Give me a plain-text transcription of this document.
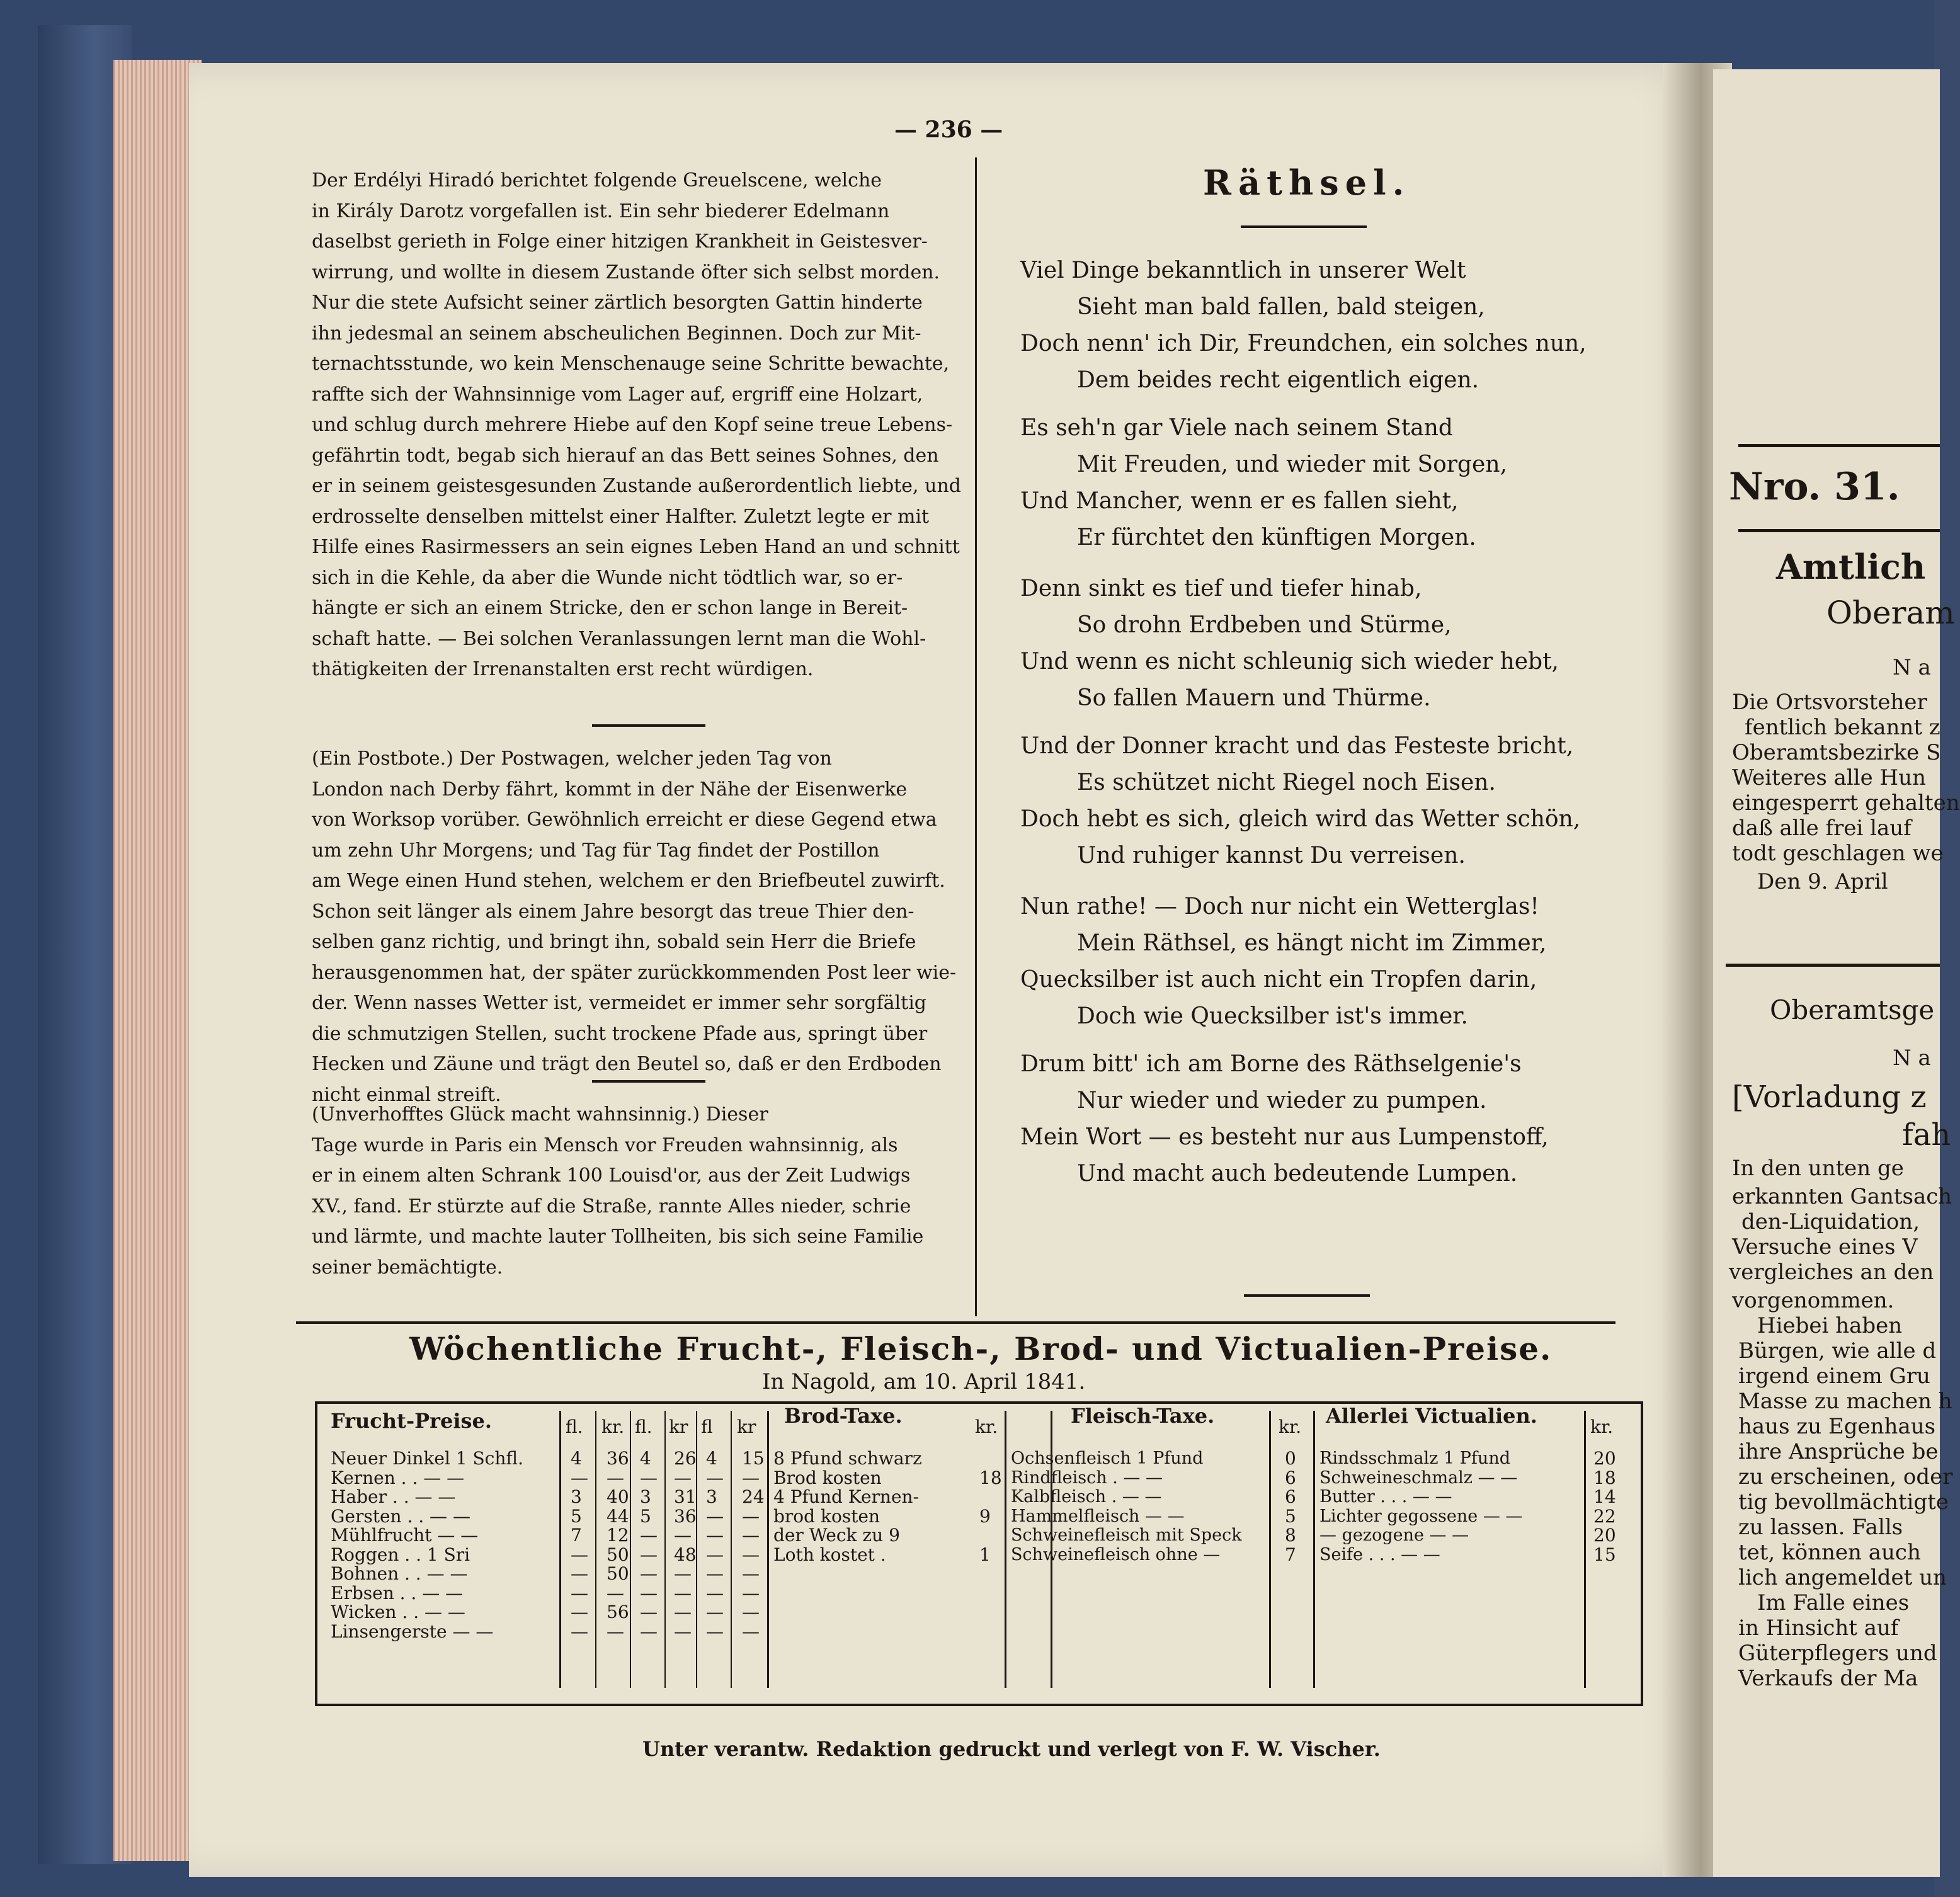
— 236 —
Der Erdélyi Hiradó berichtet folgende Greuelscene, welche
in Király Darotz vorgefallen ist. Ein sehr biederer Edelmann
daselbst gerieth in Folge einer hitzigen Krankheit in Geistesver-
wirrung, und wollte in diesem Zustande öfter sich selbst morden.
Nur die stete Aufsicht seiner zärtlich besorgten Gattin hinderte
ihn jedesmal an seinem abscheulichen Beginnen. Doch zur Mit-
ternachtsstunde, wo kein Menschenauge seine Schritte bewachte,
raffte sich der Wahnsinnige vom Lager auf, ergriff eine Holzart,
und schlug durch mehrere Hiebe auf den Kopf seine treue Lebens-
gefährtin todt, begab sich hierauf an das Bett seines Sohnes, den
er in seinem geistesgesunden Zustande außerordentlich liebte, und
erdrosselte denselben mittelst einer Halfter. Zuletzt legte er mit
Hilfe eines Rasirmessers an sein eignes Leben Hand an und schnitt
sich in die Kehle, da aber die Wunde nicht tödtlich war, so er-
hängte er sich an einem Stricke, den er schon lange in Bereit-
schaft hatte. — Bei solchen Veranlassungen lernt man die Wohl-
thätigkeiten der Irrenanstalten erst recht würdigen.
(Ein Postbote.) Der Postwagen, welcher jeden Tag von
London nach Derby fährt, kommt in der Nähe der Eisenwerke
von Worksop vorüber. Gewöhnlich erreicht er diese Gegend etwa
um zehn Uhr Morgens; und Tag für Tag findet der Postillon
am Wege einen Hund stehen, welchem er den Briefbeutel zuwirft.
Schon seit länger als einem Jahre besorgt das treue Thier den-
selben ganz richtig, und bringt ihn, sobald sein Herr die Briefe
herausgenommen hat, der später zurückkommenden Post leer wie-
der. Wenn nasses Wetter ist, vermeidet er immer sehr sorgfältig
die schmutzigen Stellen, sucht trockene Pfade aus, springt über
Hecken und Zäune und trägt den Beutel so, daß er den Erdboden
nicht einmal streift.
(Unverhofftes Glück macht wahnsinnig.) Dieser
Tage wurde in Paris ein Mensch vor Freuden wahnsinnig, als
er in einem alten Schrank 100 Louisd'or, aus der Zeit Ludwigs
XV., fand. Er stürzte auf die Straße, rannte Alles nieder, schrie
und lärmte, und machte lauter Tollheiten, bis sich seine Familie
seiner bemächtigte.
Räthsel.
Viel Dinge bekanntlich in unserer Welt
Sieht man bald fallen, bald steigen,
Doch nenn' ich Dir, Freundchen, ein solches nun,
Dem beides recht eigentlich eigen.
Es seh'n gar Viele nach seinem Stand
Mit Freuden, und wieder mit Sorgen,
Und Mancher, wenn er es fallen sieht,
Er fürchtet den künftigen Morgen.
Denn sinkt es tief und tiefer hinab,
So drohn Erdbeben und Stürme,
Und wenn es nicht schleunig sich wieder hebt,
So fallen Mauern und Thürme.
Und der Donner kracht und das Festeste bricht,
Es schützet nicht Riegel noch Eisen.
Doch hebt es sich, gleich wird das Wetter schön,
Und ruhiger kannst Du verreisen.
Nun rathe! — Doch nur nicht ein Wetterglas!
Mein Räthsel, es hängt nicht im Zimmer,
Quecksilber ist auch nicht ein Tropfen darin,
Doch wie Quecksilber ist's immer.
Drum bitt' ich am Borne des Räthselgenie's
Nur wieder und wieder zu pumpen.
Mein Wort — es besteht nur aus Lumpenstoff,
Und macht auch bedeutende Lumpen.
Wöchentliche Frucht-, Fleisch-, Brod- und Victualien-Preise.
In Nagold, am 10. April 1841.
Frucht-Preise.	fl. kr. fl. kr fl kr Brod-Taxe.	kr.	Fleisch-Taxe.	kr. Allerlei Victualien.	kr.
Neuer Dinkel 1 Schfl.	4 36 4 26 4 15
Kernen . . — —	— — — — — —
Haber . . — —	3 40 3 31 3 24
Gersten . . — —	5 44 5 36 — —
Mühlfrucht — —	7 12 — — — —
Roggen . . 1 Sri	— 50 — 48 — —
Bohnen . . — —	— 50 — — — —
Erbsen . . — —	— — — — — —
Wicken . . — —	— 56 — — — —
Linsengerste — —	— — — — — —
8 Pfund schwarz
Brod kosten	18
4 Pfund Kernen-
brod kosten	9
der Weck zu 9
Loth kostet .	1
Ochsenfleisch 1 Pfund	0
Rindfleisch . — —	6
Kalbfleisch . — —	6
Hammelfleisch — —	5
Schweinefleisch mit Speck 8
Schweinefleisch ohne —	7
Rindsschmalz 1 Pfund	20
Schweineschmalz — —	18
Butter . . . — —	14
Lichter gegossene — —	22
— gezogene — —	20
Seife . . . — —	15
Unter verantw. Redaktion gedruckt und verlegt von F. W. Vischer.
Nro. 31.
Amtlich
Oberam
N a
Die Ortsvorsteher
fentlich bekannt z
Oberamtsbezirke S
Weiteres alle Hun
eingesperrt gehalten
daß alle frei lauf
todt geschlagen we
Den 9. April
Oberamtsge
N a
[Vorladung z
fah
In den unten ge
erkannten Gantsach
den-Liquidation,
Versuche eines V
vergleiches an den
vorgenommen.
Hiebei haben
Bürgen, wie alle d
irgend einem Gru
Masse zu machen h
haus zu Egenhaus
ihre Ansprüche be
zu erscheinen, oder
tig bevollmächtigte
zu lassen. Falls
tet, können auch
lich angemeldet un
Im Falle eines
in Hinsicht auf
Güterpflegers und
Verkaufs der Ma
